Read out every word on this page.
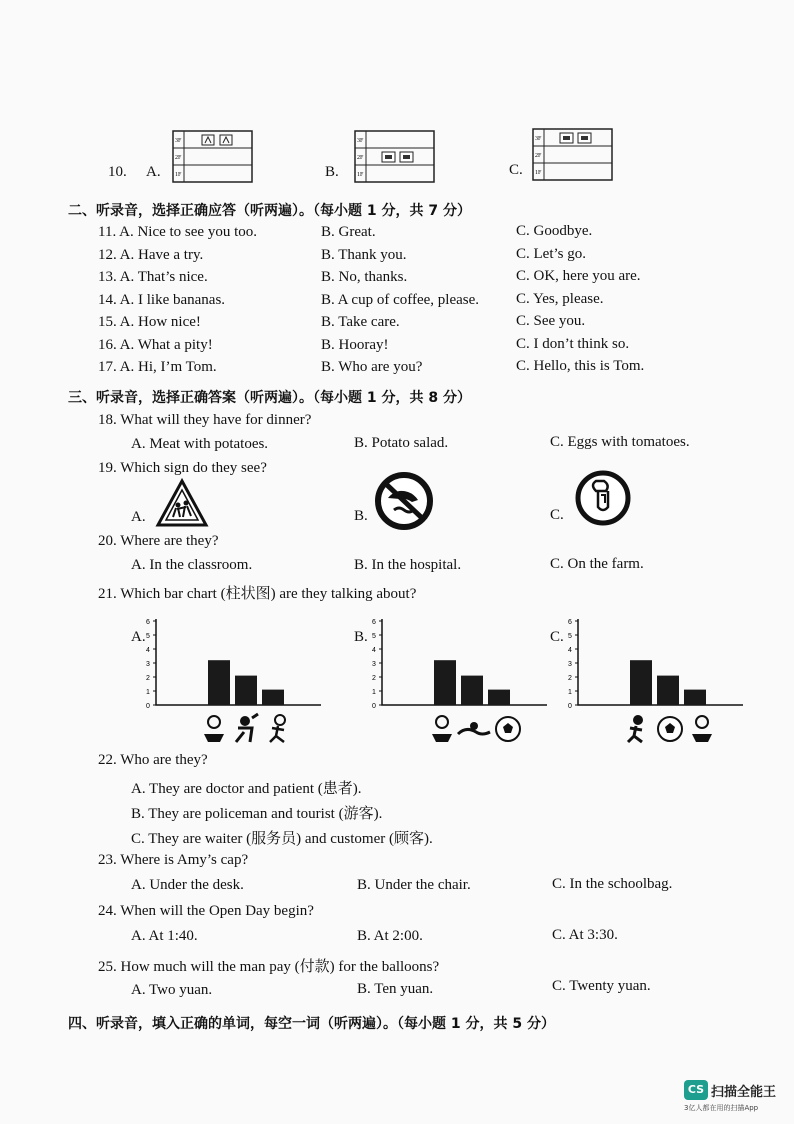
10. A.	B.	C.
3F
2F
1F
3F
2F
1F
3F
2F
1F
二、听录音，选择正确应答（听两遍）。（每小题 1 分，共 7 分）
11. A. Nice to see you too.	B. Great.	C. Goodbye.
12. A. Have a try.	B. Thank you.	C. Let’s go.
13. A. That’s nice.	B. No, thanks.	C. OK, here you are.
14. A. I like bananas.	B. A cup of coffee, please. C. Yes, please.
15. A. How nice!	B. Take care.	C. See you.
16. A. What a pity!	B. Hooray!	C. I don’t think so.
17. A. Hi, I’m Tom.	B. Who are you?	C. Hello, this is Tom.
三、听录音，选择正确答案（听两遍）。（每小题 1 分，共 8 分）
18. What will they have for dinner?
A. Meat with potatoes.	B. Potato salad.	C. Eggs with tomatoes.
19. Which sign do they see?
A.	B.	C.
20. Where are they?
A. In the classroom.	B. In the hospital.	C. On the farm.
21. Which bar chart (柱状图) are they talking about?
A.	B.	C.
0
1
2
3
4
5
6
0
1
2
3
4
5
6
0
1
2
3
4
5
6
22. Who are they?
A. They are doctor and patient (患者).
B. They are policeman and tourist (游客).
C. They are waiter (服务员) and customer (顾客).
23. Where is Amy’s cap?
A. Under the desk.	B. Under the chair.	C. In the schoolbag.
24. When will the Open Day begin?
A. At 1:40.	B. At 2:00.	C. At 3:30.
25. How much will the man pay (付款) for the balloons?
A. Two yuan.	B. Ten yuan.	C. Twenty yuan.
四、听录音，填入正确的单词，每空一词（听两遍）。（每小题 1 分，共 5 分）
CS 扫描全能王
3亿人都在用的扫描App
